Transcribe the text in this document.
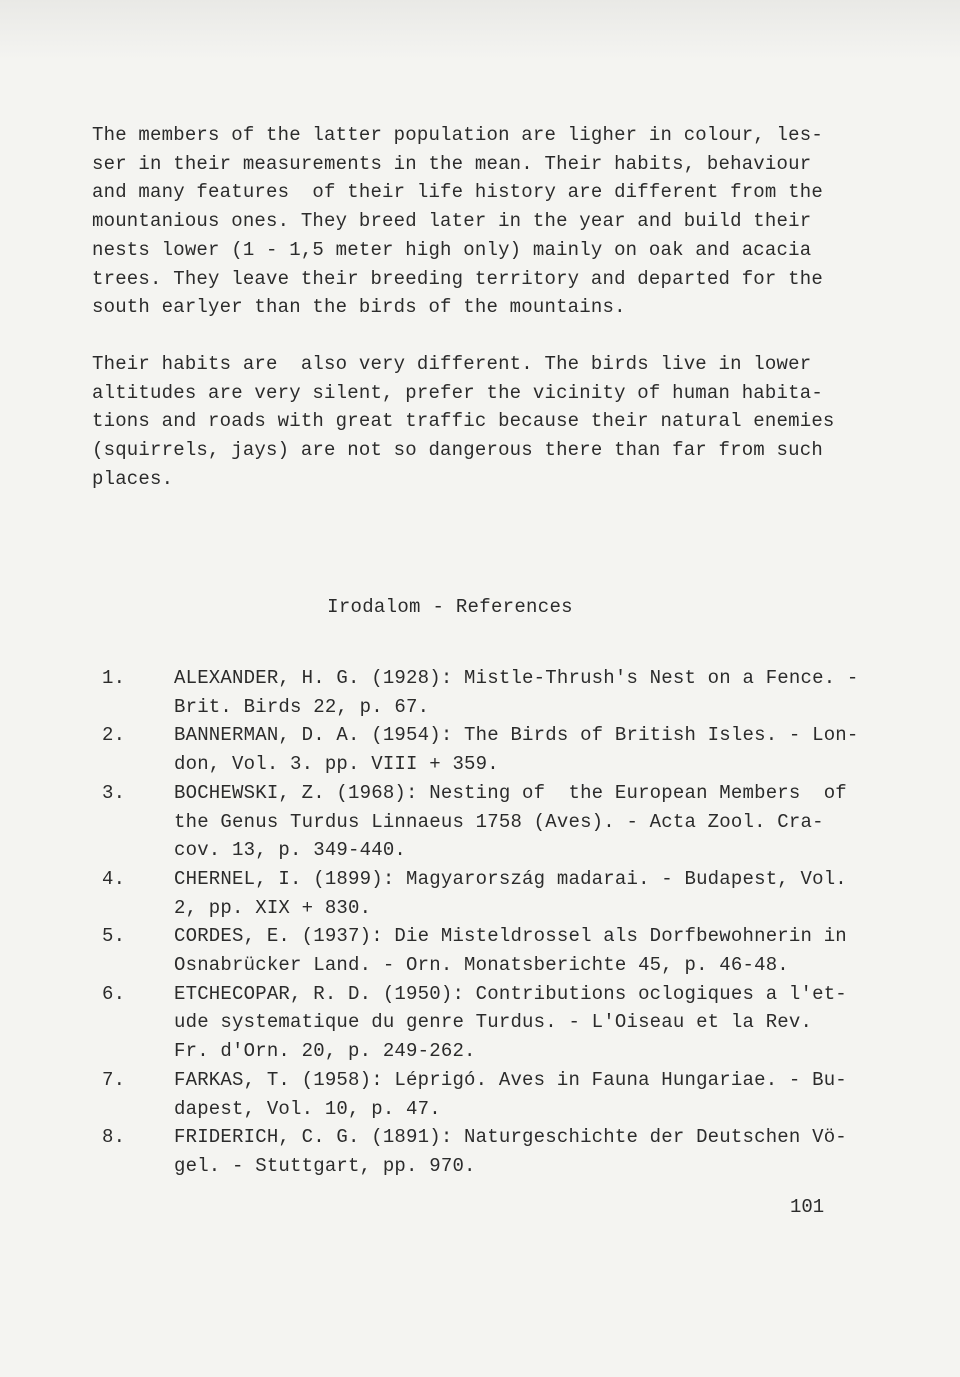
The members of the latter population are ligher in colour, les-
ser in their measurements in the mean. Their habits, behaviour
and many features  of their life history are different from the
mountanious ones. They breed later in the year and build their
nests lower (1 - 1,5 meter high only) mainly on oak and acacia
trees. They leave their breeding territory and departed for the
south earlyer than the birds of the mountains.

Their habits are  also very different. The birds live in lower
altitudes are very silent, prefer the vicinity of human habita-
tions and roads with great traffic because their natural enemies
(squirrels, jays) are not so dangerous there than far from such
places.

Irodalom - References
1.	ALEXANDER, H. G. (1928): Mistle-Thrush's Nest on a Fence. -
Brit. Birds 22, p. 67.
2.	BANNERMAN, D. A. (1954): The Birds of British Isles. - Lon-
don, Vol. 3. pp. VIII + 359.
3.	BOCHEWSKI, Z. (1968): Nesting of  the European Members  of
the Genus Turdus Linnaeus 1758 (Aves). - Acta Zool. Cra-
cov. 13, p. 349-440.
4.	CHERNEL, I. (1899): Magyarország madarai. - Budapest, Vol.
2, pp. XIX + 830.
5.	CORDES, E. (1937): Die Misteldrossel als Dorfbewohnerin in
Osnabrücker Land. - Orn. Monatsberichte 45, p. 46-48.
6.	ETCHECOPAR, R. D. (1950): Contributions oclogiques a l'et-
ude systematique du genre Turdus. - L'Oiseau et la Rev.
Fr. d'Orn. 20, p. 249-262.
7.	FARKAS, T. (1958): Léprigó. Aves in Fauna Hungariae. - Bu-
dapest, Vol. 10, p. 47.
8.	FRIDERICH, C. G. (1891): Naturgeschichte der Deutschen Vö-
gel. - Stuttgart, pp. 970.
101
